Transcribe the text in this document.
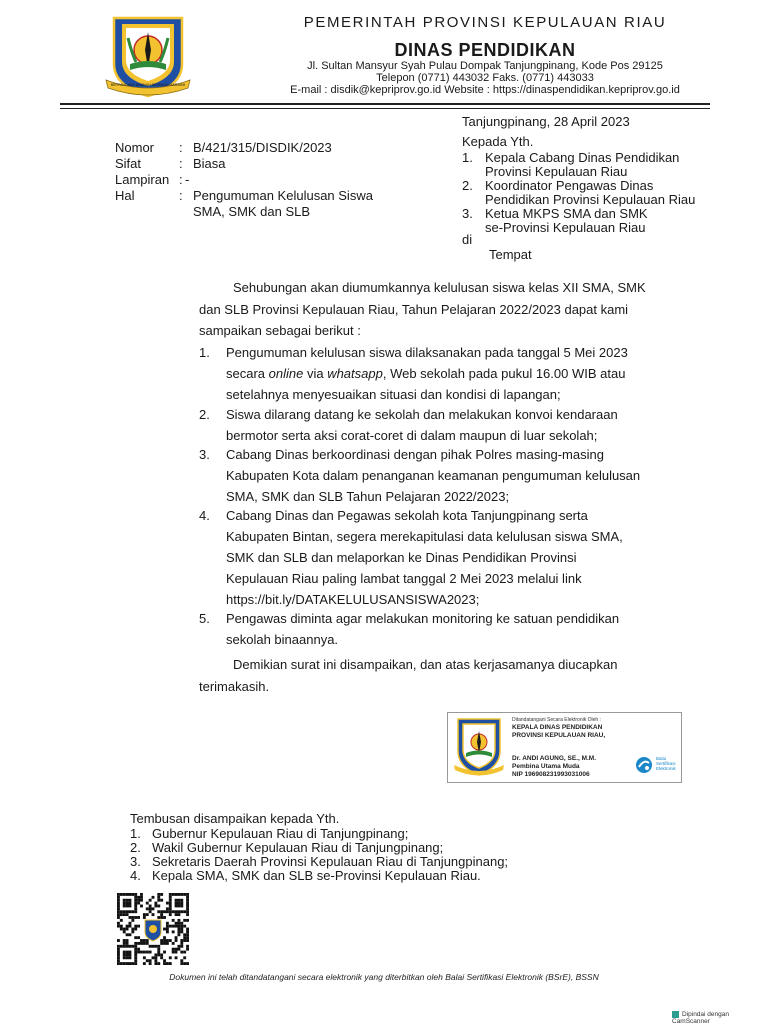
BERPANCANG AMANAH BERSAUH MARWAH
PEMERINTAH PROVINSI KEPULAUAN RIAU
DINAS PENDIDIKAN
Jl. Sultan Mansyur Syah Pulau Dompak Tanjungpinang, Kode Pos 29125
Telepon (0771) 443032 Faks. (0771) 443033
E-mail : disdik@kepriprov.go.id Website : https://dinaspendidikan.kepriprov.go.id
Tanjungpinang, 28 April 2023
Nomor : B/421/315/DISDIK/2023
Sifat	: Biasa
Lampiran : -
Hal	: Pengumuman Kelulusan Siswa
SMA, SMK dan SLB
Kepada Yth.
1. Kepala Cabang Dinas Pendidikan
Provinsi Kepulauan Riau
2. Koordinator Pengawas Dinas
Pendidikan Provinsi Kepulauan Riau
3. Ketua MKPS SMA dan SMK
se-Provinsi Kepulauan Riau
di
Tempat
Sehubungan akan diumumkannya kelulusan siswa kelas XII SMA, SMK
dan SLB Provinsi Kepulauan Riau, Tahun Pelajaran 2022/2023 dapat kami
sampaikan sebagai berikut :
1. Pengumuman kelulusan siswa dilaksanakan pada tanggal 5 Mei 2023
secara online via whatsapp, Web sekolah pada pukul 16.00 WIB atau
setelahnya menyesuaikan situasi dan kondisi di lapangan;
2. Siswa dilarang datang ke sekolah dan melakukan konvoi kendaraan
bermotor serta aksi corat-coret di dalam maupun di luar sekolah;
3. Cabang Dinas berkoordinasi dengan pihak Polres masing-masing
Kabupaten Kota dalam penanganan keamanan pengumuman kelulusan
SMA, SMK dan SLB Tahun Pelajaran 2022/2023;
4. Cabang Dinas dan Pegawas sekolah kota Tanjungpinang serta
Kabupaten Bintan, segera merekapitulasi data kelulusan siswa SMA,
SMK dan SLB dan melaporkan ke Dinas Pendidikan Provinsi
Kepulauan Riau paling lambat tanggal 2 Mei 2023 melalui link
https://bit.ly/DATAKELULUSANSISWA2023;
5. Pengawas diminta agar melakukan monitoring ke satuan pendidikan
sekolah binaannya.
Demikian surat ini disampaikan, dan atas kerjasamanya diucapkan
terimakasih.
Ditandatangani Secara Elektronik Oleh :
KEPALA DINAS PENDIDIKAN
PROVINSI KEPULAUAN RIAU,
Dr. ANDI AGUNG, SE., M.M.
Pembina Utama Muda
NIP 196908231993031006
Balai
Sertifikasi
Elektronik
Tembusan disampaikan kepada Yth.
1. Gubernur Kepulauan Riau di Tanjungpinang;
2. Wakil Gubernur Kepulauan Riau di Tanjungpinang;
3. Sekretaris Daerah Provinsi Kepulauan Riau di Tanjungpinang;
4. Kepala SMA, SMK dan SLB se-Provinsi Kepulauan Riau.
Dokumen ini telah ditandatangani secara elektronik yang diterbitkan oleh Balai Sertifikasi Elektronik (BSrE), BSSN
Dipindai dengan CamScanner
